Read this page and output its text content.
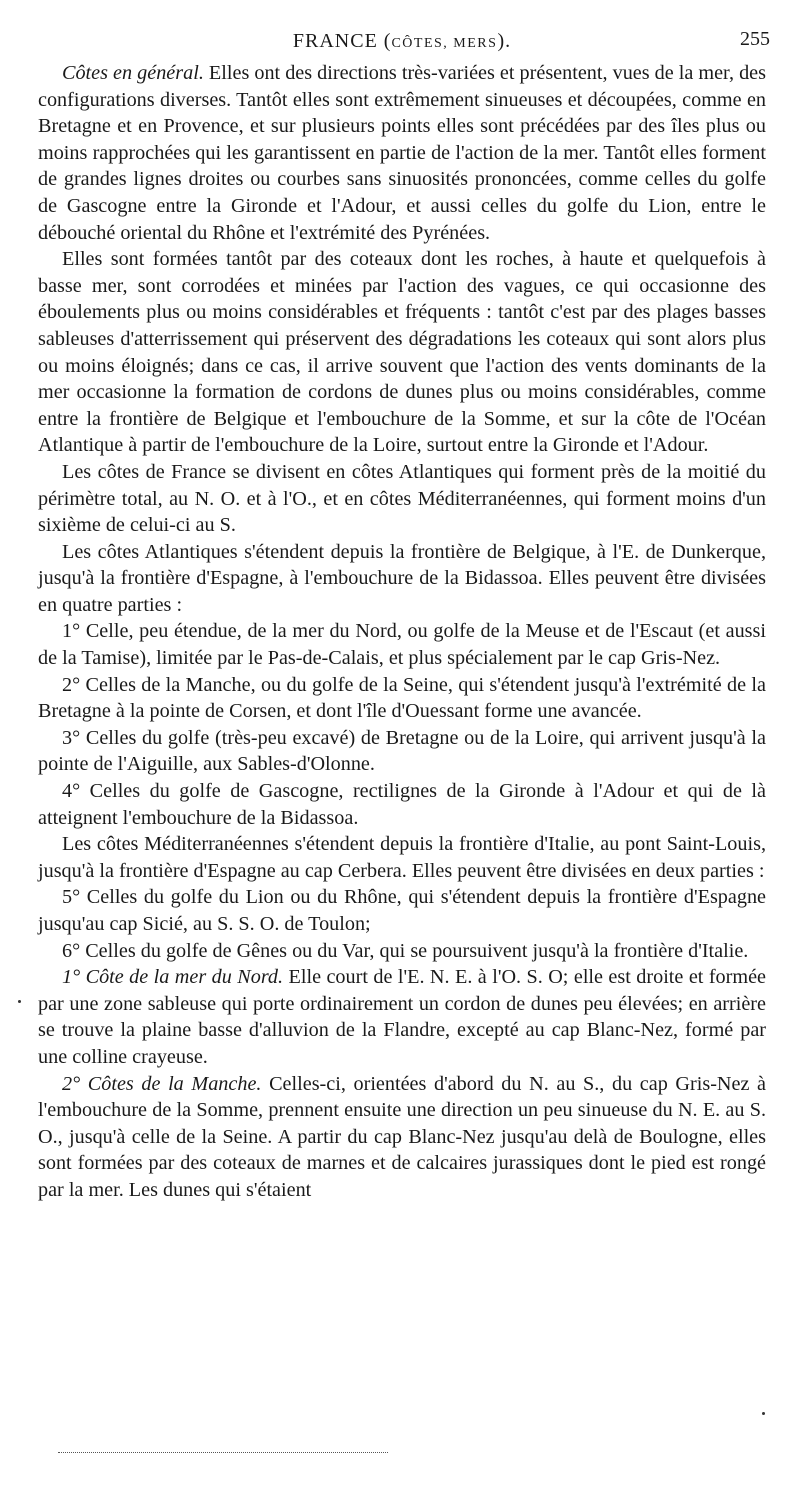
FRANCE (CÔTES, MERS).	255

Côtes en général. Elles ont des directions très-variées et présentent, vues de la mer, des configurations diverses. Tantôt elles sont extrêmement sinueuses et découpées, comme en Bretagne et en Provence, et sur plusieurs points elles sont précédées par des îles plus ou moins rapprochées qui les garantissent en partie de l'action de la mer. Tantôt elles forment de grandes lignes droites ou courbes sans sinuosités prononcées, comme celles du golfe de Gascogne entre la Gironde et l'Adour, et aussi celles du golfe du Lion, entre le débouché oriental du Rhône et l'extrémité des Pyrénées.

Elles sont formées tantôt par des coteaux dont les roches, à haute et quelquefois à basse mer, sont corrodées et minées par l'action des vagues, ce qui occasionne des éboulements plus ou moins considérables et fréquents : tantôt c'est par des plages basses sableuses d'atterrissement qui préservent des dégradations les coteaux qui sont alors plus ou moins éloignés; dans ce cas, il arrive souvent que l'action des vents dominants de la mer occasionne la formation de cordons de dunes plus ou moins considérables, comme entre la frontière de Belgique et l'embouchure de la Somme, et sur la côte de l'Océan Atlantique à partir de l'embouchure de la Loire, surtout entre la Gironde et l'Adour.

Les côtes de France se divisent en côtes Atlantiques qui forment près de la moitié du périmètre total, au N. O. et à l'O., et en côtes Méditerranéennes, qui forment moins d'un sixième de celui-ci au S.

Les côtes Atlantiques s'étendent depuis la frontière de Belgique, à l'E. de Dunkerque, jusqu'à la frontière d'Espagne, à l'embouchure de la Bidassoa. Elles peuvent être divisées en quatre parties :

1° Celle, peu étendue, de la mer du Nord, ou golfe de la Meuse et de l'Escaut (et aussi de la Tamise), limitée par le Pas-de-Calais, et plus spécialement par le cap Gris-Nez.

2° Celles de la Manche, ou du golfe de la Seine, qui s'étendent jusqu'à l'extrémité de la Bretagne à la pointe de Corsen, et dont l'île d'Ouessant forme une avancée.

3° Celles du golfe (très-peu excavé) de Bretagne ou de la Loire, qui arrivent jusqu'à la pointe de l'Aiguille, aux Sables-d'Olonne.

4° Celles du golfe de Gascogne, rectilignes de la Gironde à l'Adour et qui de là atteignent l'embouchure de la Bidassoa.

Les côtes Méditerranéennes s'étendent depuis la frontière d'Italie, au pont Saint-Louis, jusqu'à la frontière d'Espagne au cap Cerbera. Elles peuvent être divisées en deux parties :

5° Celles du golfe du Lion ou du Rhône, qui s'étendent depuis la frontière d'Espagne jusqu'au cap Sicié, au S. S. O. de Toulon;

6° Celles du golfe de Gênes ou du Var, qui se poursuivent jusqu'à la frontière d'Italie.

1° Côte de la mer du Nord. Elle court de l'E. N. E. à l'O. S. O; elle est droite et formée par une zone sableuse qui porte ordinairement un cordon de dunes peu élevées; en arrière se trouve la plaine basse d'alluvion de la Flandre, excepté au cap Blanc-Nez, formé par une colline crayeuse.

2° Côtes de la Manche. Celles-ci, orientées d'abord du N. au S., du cap Gris-Nez à l'embouchure de la Somme, prennent ensuite une direction un peu sinueuse du N. E. au S. O., jusqu'à celle de la Seine. A partir du cap Blanc-Nez jusqu'au delà de Boulogne, elles sont formées par des coteaux de marnes et de calcaires jurassiques dont le pied est rongé par la mer. Les dunes qui s'étaient
